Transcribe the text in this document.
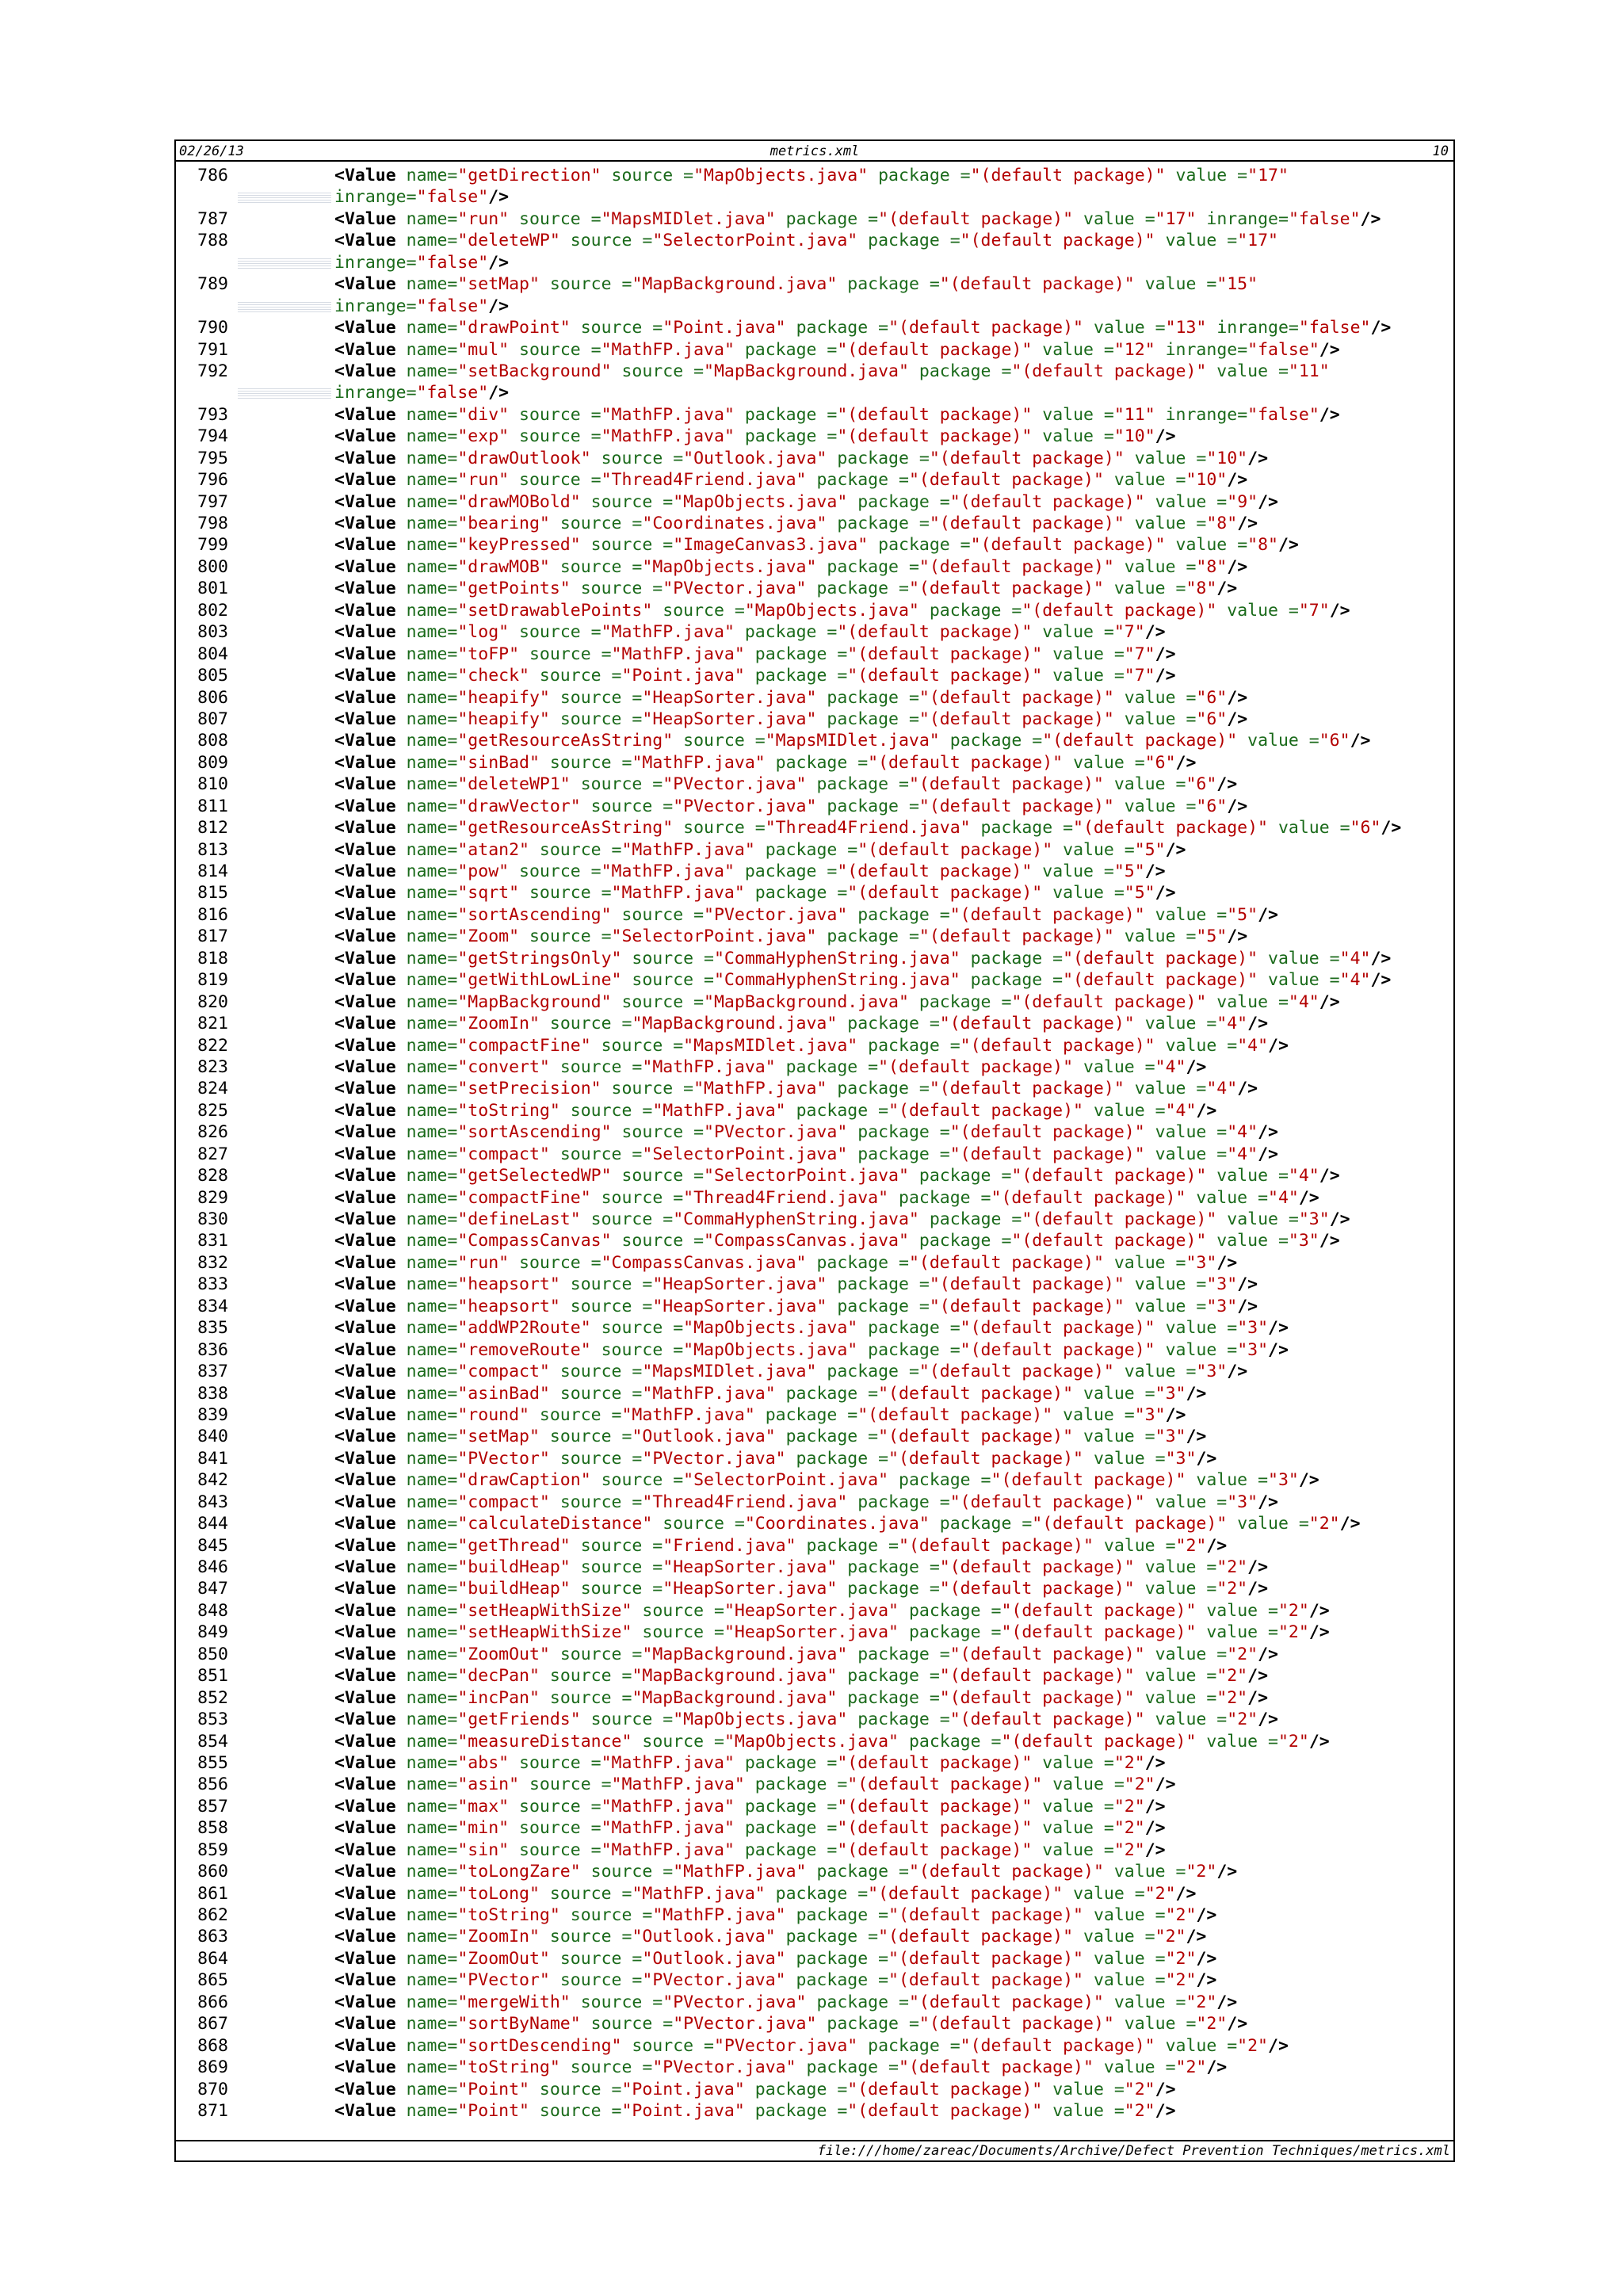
02/26/13	metrics.xml	10
786	<Value name="getDirection" source ="MapObjects.java" package ="(default package)" value ="17"
inrange="false"/>
787	<Value name="run" source ="MapsMIDlet.java" package ="(default package)" value ="17" inrange="false"/>
788	<Value name="deleteWP" source ="SelectorPoint.java" package ="(default package)" value ="17"
inrange="false"/>
789	<Value name="setMap" source ="MapBackground.java" package ="(default package)" value ="15"
inrange="false"/>
790	<Value name="drawPoint" source ="Point.java" package ="(default package)" value ="13" inrange="false"/>
791	<Value name="mul" source ="MathFP.java" package ="(default package)" value ="12" inrange="false"/>
792	<Value name="setBackground" source ="MapBackground.java" package ="(default package)" value ="11"
inrange="false"/>
793	<Value name="div" source ="MathFP.java" package ="(default package)" value ="11" inrange="false"/>
794	<Value name="exp" source ="MathFP.java" package ="(default package)" value ="10"/>
795	<Value name="drawOutlook" source ="Outlook.java" package ="(default package)" value ="10"/>
796	<Value name="run" source ="Thread4Friend.java" package ="(default package)" value ="10"/>
797	<Value name="drawMOBold" source ="MapObjects.java" package ="(default package)" value ="9"/>
798	<Value name="bearing" source ="Coordinates.java" package ="(default package)" value ="8"/>
799	<Value name="keyPressed" source ="ImageCanvas3.java" package ="(default package)" value ="8"/>
800	<Value name="drawMOB" source ="MapObjects.java" package ="(default package)" value ="8"/>
801	<Value name="getPoints" source ="PVector.java" package ="(default package)" value ="8"/>
802	<Value name="setDrawablePoints" source ="MapObjects.java" package ="(default package)" value ="7"/>
803	<Value name="log" source ="MathFP.java" package ="(default package)" value ="7"/>
804	<Value name="toFP" source ="MathFP.java" package ="(default package)" value ="7"/>
805	<Value name="check" source ="Point.java" package ="(default package)" value ="7"/>
806	<Value name="heapify" source ="HeapSorter.java" package ="(default package)" value ="6"/>
807	<Value name="heapify" source ="HeapSorter.java" package ="(default package)" value ="6"/>
808	<Value name="getResourceAsString" source ="MapsMIDlet.java" package ="(default package)" value ="6"/>
809	<Value name="sinBad" source ="MathFP.java" package ="(default package)" value ="6"/>
810	<Value name="deleteWP1" source ="PVector.java" package ="(default package)" value ="6"/>
811	<Value name="drawVector" source ="PVector.java" package ="(default package)" value ="6"/>
812	<Value name="getResourceAsString" source ="Thread4Friend.java" package ="(default package)" value ="6"/>
813	<Value name="atan2" source ="MathFP.java" package ="(default package)" value ="5"/>
814	<Value name="pow" source ="MathFP.java" package ="(default package)" value ="5"/>
815	<Value name="sqrt" source ="MathFP.java" package ="(default package)" value ="5"/>
816	<Value name="sortAscending" source ="PVector.java" package ="(default package)" value ="5"/>
817	<Value name="Zoom" source ="SelectorPoint.java" package ="(default package)" value ="5"/>
818	<Value name="getStringsOnly" source ="CommaHyphenString.java" package ="(default package)" value ="4"/>
819	<Value name="getWithLowLine" source ="CommaHyphenString.java" package ="(default package)" value ="4"/>
820	<Value name="MapBackground" source ="MapBackground.java" package ="(default package)" value ="4"/>
821	<Value name="ZoomIn" source ="MapBackground.java" package ="(default package)" value ="4"/>
822	<Value name="compactFine" source ="MapsMIDlet.java" package ="(default package)" value ="4"/>
823	<Value name="convert" source ="MathFP.java" package ="(default package)" value ="4"/>
824	<Value name="setPrecision" source ="MathFP.java" package ="(default package)" value ="4"/>
825	<Value name="toString" source ="MathFP.java" package ="(default package)" value ="4"/>
826	<Value name="sortAscending" source ="PVector.java" package ="(default package)" value ="4"/>
827	<Value name="compact" source ="SelectorPoint.java" package ="(default package)" value ="4"/>
828	<Value name="getSelectedWP" source ="SelectorPoint.java" package ="(default package)" value ="4"/>
829	<Value name="compactFine" source ="Thread4Friend.java" package ="(default package)" value ="4"/>
830	<Value name="defineLast" source ="CommaHyphenString.java" package ="(default package)" value ="3"/>
831	<Value name="CompassCanvas" source ="CompassCanvas.java" package ="(default package)" value ="3"/>
832	<Value name="run" source ="CompassCanvas.java" package ="(default package)" value ="3"/>
833	<Value name="heapsort" source ="HeapSorter.java" package ="(default package)" value ="3"/>
834	<Value name="heapsort" source ="HeapSorter.java" package ="(default package)" value ="3"/>
835	<Value name="addWP2Route" source ="MapObjects.java" package ="(default package)" value ="3"/>
836	<Value name="removeRoute" source ="MapObjects.java" package ="(default package)" value ="3"/>
837	<Value name="compact" source ="MapsMIDlet.java" package ="(default package)" value ="3"/>
838	<Value name="asinBad" source ="MathFP.java" package ="(default package)" value ="3"/>
839	<Value name="round" source ="MathFP.java" package ="(default package)" value ="3"/>
840	<Value name="setMap" source ="Outlook.java" package ="(default package)" value ="3"/>
841	<Value name="PVector" source ="PVector.java" package ="(default package)" value ="3"/>
842	<Value name="drawCaption" source ="SelectorPoint.java" package ="(default package)" value ="3"/>
843	<Value name="compact" source ="Thread4Friend.java" package ="(default package)" value ="3"/>
844	<Value name="calculateDistance" source ="Coordinates.java" package ="(default package)" value ="2"/>
845	<Value name="getThread" source ="Friend.java" package ="(default package)" value ="2"/>
846	<Value name="buildHeap" source ="HeapSorter.java" package ="(default package)" value ="2"/>
847	<Value name="buildHeap" source ="HeapSorter.java" package ="(default package)" value ="2"/>
848	<Value name="setHeapWithSize" source ="HeapSorter.java" package ="(default package)" value ="2"/>
849	<Value name="setHeapWithSize" source ="HeapSorter.java" package ="(default package)" value ="2"/>
850	<Value name="ZoomOut" source ="MapBackground.java" package ="(default package)" value ="2"/>
851	<Value name="decPan" source ="MapBackground.java" package ="(default package)" value ="2"/>
852	<Value name="incPan" source ="MapBackground.java" package ="(default package)" value ="2"/>
853	<Value name="getFriends" source ="MapObjects.java" package ="(default package)" value ="2"/>
854	<Value name="measureDistance" source ="MapObjects.java" package ="(default package)" value ="2"/>
855	<Value name="abs" source ="MathFP.java" package ="(default package)" value ="2"/>
856	<Value name="asin" source ="MathFP.java" package ="(default package)" value ="2"/>
857	<Value name="max" source ="MathFP.java" package ="(default package)" value ="2"/>
858	<Value name="min" source ="MathFP.java" package ="(default package)" value ="2"/>
859	<Value name="sin" source ="MathFP.java" package ="(default package)" value ="2"/>
860	<Value name="toLongZare" source ="MathFP.java" package ="(default package)" value ="2"/>
861	<Value name="toLong" source ="MathFP.java" package ="(default package)" value ="2"/>
862	<Value name="toString" source ="MathFP.java" package ="(default package)" value ="2"/>
863	<Value name="ZoomIn" source ="Outlook.java" package ="(default package)" value ="2"/>
864	<Value name="ZoomOut" source ="Outlook.java" package ="(default package)" value ="2"/>
865	<Value name="PVector" source ="PVector.java" package ="(default package)" value ="2"/>
866	<Value name="mergeWith" source ="PVector.java" package ="(default package)" value ="2"/>
867	<Value name="sortByName" source ="PVector.java" package ="(default package)" value ="2"/>
868	<Value name="sortDescending" source ="PVector.java" package ="(default package)" value ="2"/>
869	<Value name="toString" source ="PVector.java" package ="(default package)" value ="2"/>
870	<Value name="Point" source ="Point.java" package ="(default package)" value ="2"/>
871	<Value name="Point" source ="Point.java" package ="(default package)" value ="2"/>
file:///home/zareac/Documents/Archive/Defect Prevention Techniques/metrics.xml
